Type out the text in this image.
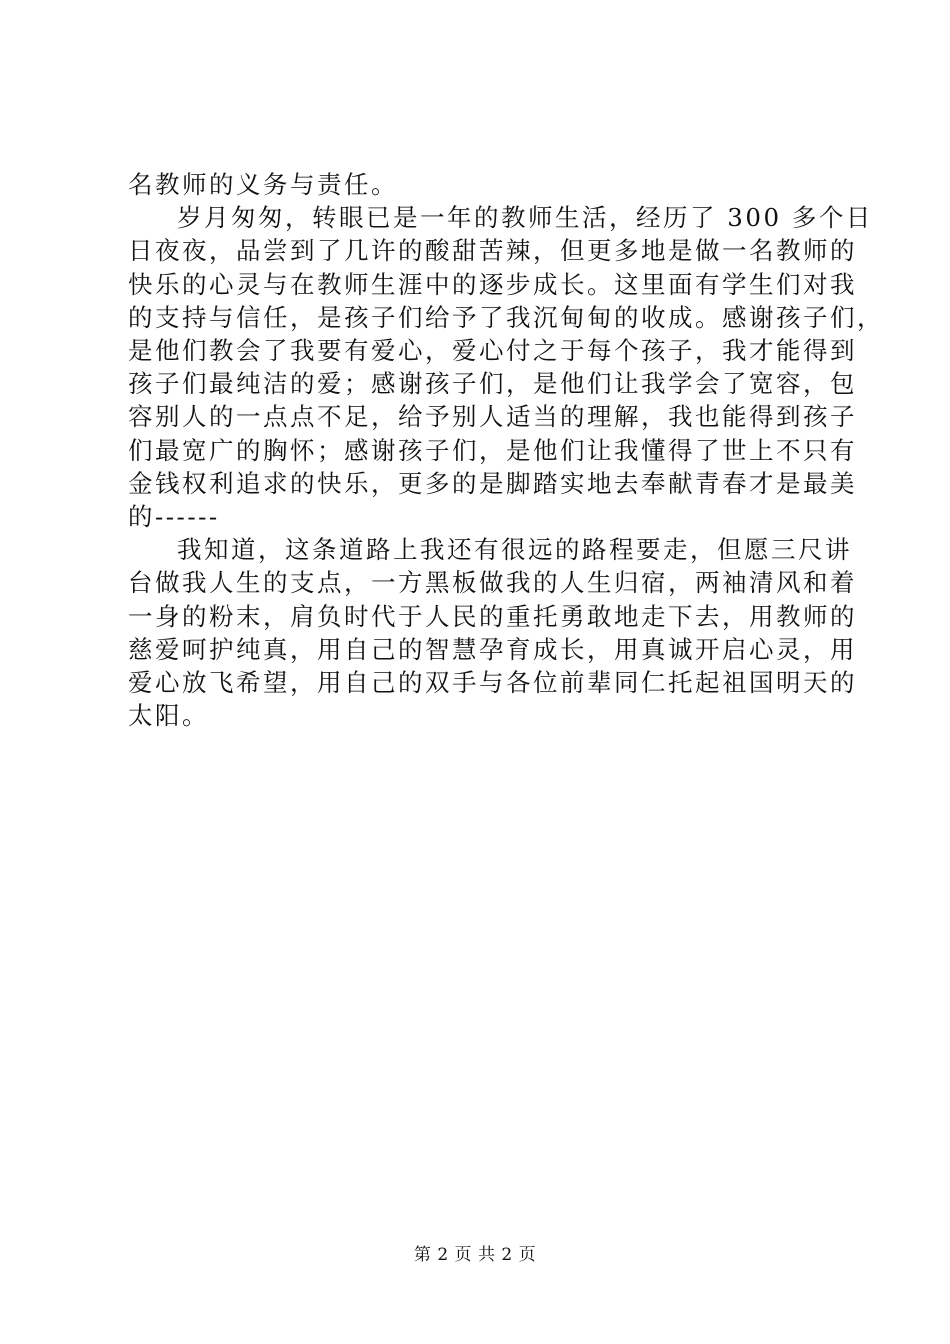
名教师的义务与责任。

岁月匆匆，转眼已是一年的教师生活，经历了 300 多个日
日夜夜，品尝到了几许的酸甜苦辣，但更多地是做一名教师的
快乐的心灵与在教师生涯中的逐步成长。这里面有学生们对我
的支持与信任，是孩子们给予了我沉甸甸的收成。感谢孩子们，
是他们教会了我要有爱心，爱心付之于每个孩子，我才能得到
孩子们最纯洁的爱；感谢孩子们，是他们让我学会了宽容，包
容别人的一点点不足，给予别人适当的理解，我也能得到孩子
们最宽广的胸怀；感谢孩子们，是他们让我懂得了世上不只有
金钱权利追求的快乐，更多的是脚踏实地去奉献青春才是最美
的------

我知道，这条道路上我还有很远的路程要走，但愿三尺讲
台做我人生的支点，一方黑板做我的人生归宿，两袖清风和着
一身的粉末，肩负时代于人民的重托勇敢地走下去，用教师的
慈爱呵护纯真，用自己的智慧孕育成长，用真诚开启心灵，用
爱心放飞希望，用自己的双手与各位前辈同仁托起祖国明天的
太阳。

第 2 页 共 2 页
